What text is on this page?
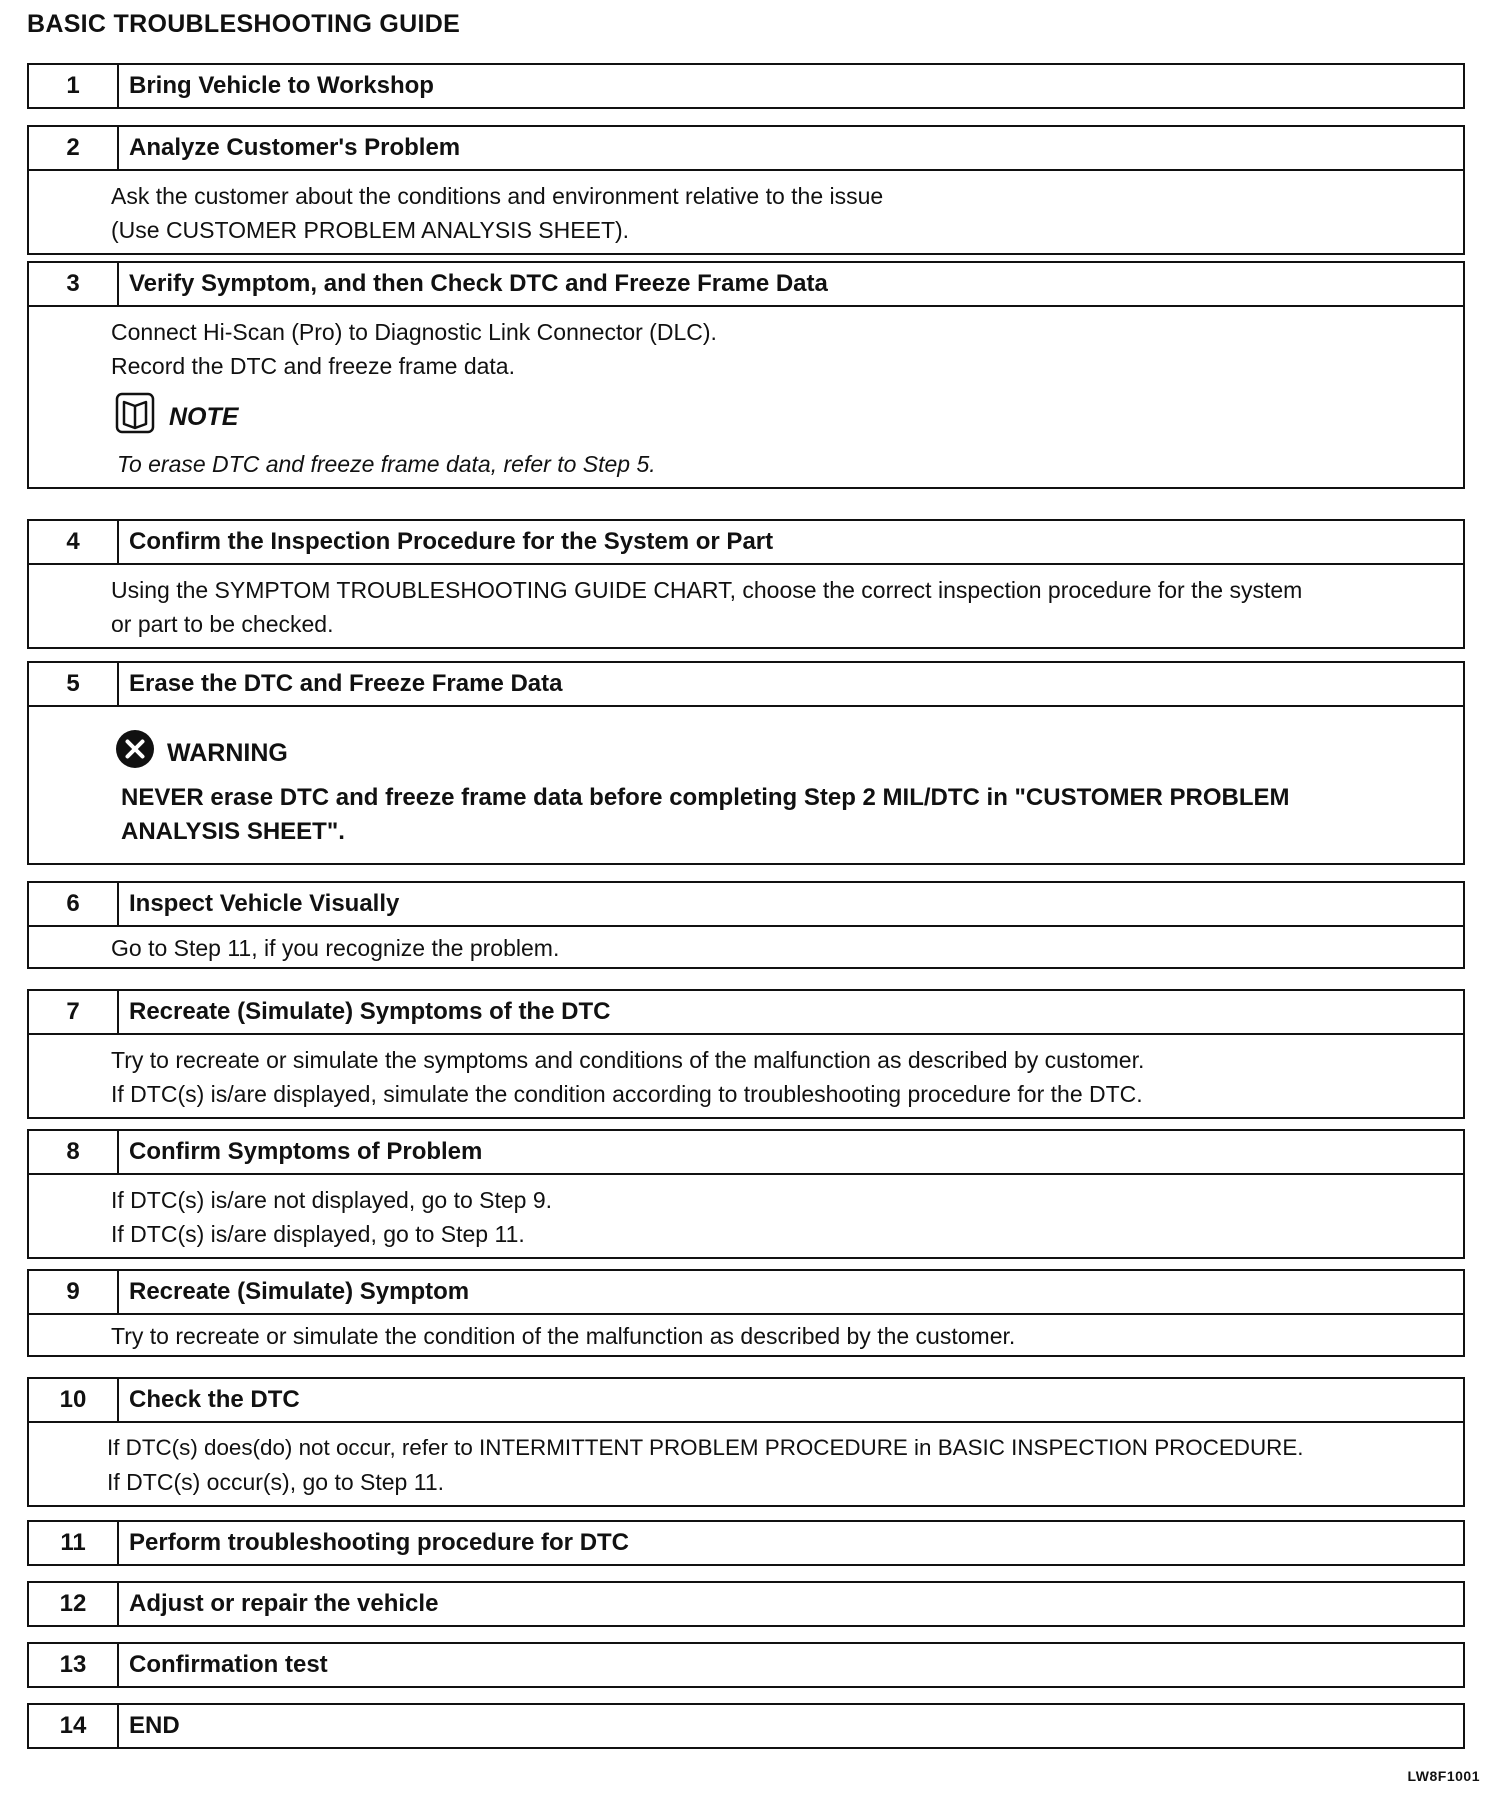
BASIC TROUBLESHOOTING GUIDE
1	Bring Vehicle to Workshop
2	Analyze Customer's Problem
Ask the customer about the conditions and environment relative to the issue
(Use CUSTOMER PROBLEM ANALYSIS SHEET).
3	Verify Symptom, and then Check DTC and Freeze Frame Data
Connect Hi-Scan (Pro) to Diagnostic Link Connector (DLC).
Record the DTC and freeze frame data.
NOTE
To erase DTC and freeze frame data, refer to Step 5.
4	Confirm the Inspection Procedure for the System or Part
Using the SYMPTOM TROUBLESHOOTING GUIDE CHART, choose the correct inspection procedure for the system
or part to be checked.
5	Erase the DTC and Freeze Frame Data
WARNING
NEVER erase DTC and freeze frame data before completing Step 2 MIL/DTC in "CUSTOMER PROBLEM
ANALYSIS SHEET".
6	Inspect Vehicle Visually
Go to Step 11, if you recognize the problem.
7	Recreate (Simulate) Symptoms of the DTC
Try to recreate or simulate the symptoms and conditions of the malfunction as described by customer.
If DTC(s) is/are displayed, simulate the condition according to troubleshooting procedure for the DTC.
8	Confirm Symptoms of Problem
If DTC(s) is/are not displayed, go to Step 9.
If DTC(s) is/are displayed, go to Step 11.
9	Recreate (Simulate) Symptom
Try to recreate or simulate the condition of the malfunction as described by the customer.
10	Check the DTC
If DTC(s) does(do) not occur, refer to INTERMITTENT PROBLEM PROCEDURE in BASIC INSPECTION PROCEDURE.
If DTC(s) occur(s), go to Step 11.
11	Perform troubleshooting procedure for DTC
12	Adjust or repair the vehicle
13	Confirmation test
14	END
LW8F1001
